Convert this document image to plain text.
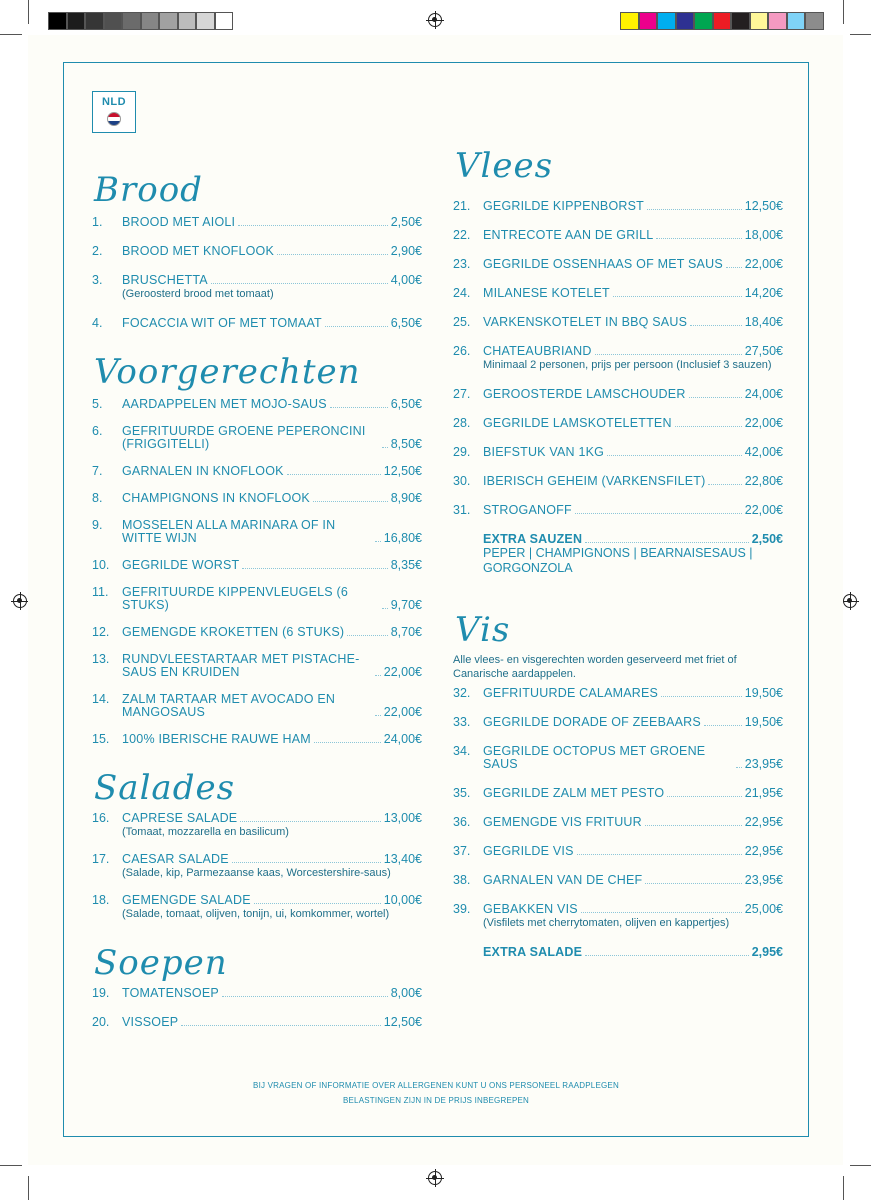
NLD
Brood
1.	BROOD MET AIOLI	2,50€
2.	BROOD MET KNOFLOOK	2,90€
3.	BRUSCHETTA	4,00€
(Geroosterd brood met tomaat)
4.	FOCACCIA WIT OF MET TOMAAT	6,50€
Voorgerechten
5.	AARDAPPELEN MET MOJO-SAUS	6,50€
6.	GEFRITUURDE GROENE PEPERONCINI (FRIGGITELLI)	8,50€
7.	GARNALEN IN KNOFLOOK	12,50€
8.	CHAMPIGNONS IN KNOFLOOK	8,90€
9.	MOSSELEN ALLA MARINARA OF IN WITTE WIJN	16,80€
10.	GEGRILDE WORST	8,35€
11.	GEFRITUURDE KIPPENVLEUGELS (6 STUKS)	9,70€
12.	GEMENGDE KROKETTEN (6 STUKS)	8,70€
13.	RUNDVLEESTARTAAR MET PISTACHE-SAUS EN KRUIDEN	22,00€
14.	ZALM TARTAAR MET AVOCADO EN MANGOSAUS	22,00€
15.	100% IBERISCHE RAUWE HAM	24,00€
Salades
16.	CAPRESE SALADE	13,00€
(Tomaat, mozzarella en basilicum)
17.	CAESAR SALADE	13,40€
(Salade, kip, Parmezaanse kaas, Worcestershire-saus)
18.	GEMENGDE SALADE	10,00€
(Salade, tomaat, olijven, tonijn, ui, komkommer, wortel)
Soepen
19.	TOMATENSOEP	8,00€
20.	VISSOEP	12,50€
Vlees
21.	GEGRILDE KIPPENBORST	12,50€
22.	ENTRECOTE AAN DE GRILL	18,00€
23.	GEGRILDE OSSENHAAS OF MET SAUS 22,00€
24.	MILANESE KOTELET	14,20€
25.	VARKENSKOTELET IN BBQ SAUS	18,40€
26.	CHATEAUBRIAND	27,50€
Minimaal 2 personen, prijs per persoon (Inclusief 3 sauzen)
27.	GEROOSTERDE LAMSCHOUDER	24,00€
28.	GEGRILDE LAMSKOTELETTEN	22,00€
29.	BIEFSTUK VAN 1KG	42,00€
30.	IBERISCH GEHEIM (VARKENSFILET)	22,80€
31.	STROGANOFF	22,00€
EXTRA SAUZEN	2,50€
PEPER | CHAMPIGNONS | BEARNAISESAUS | GORGONZOLA
Vis
Alle vlees- en visgerechten worden geserveerd met friet of Canarische aardappelen.
32.	GEFRITUURDE CALAMARES	19,50€
33.	GEGRILDE DORADE OF ZEEBAARS	19,50€
34.	GEGRILDE OCTOPUS MET GROENE SAUS	23,95€
35.	GEGRILDE ZALM MET PESTO	21,95€
36.	GEMENGDE VIS FRITUUR	22,95€
37.	GEGRILDE VIS	22,95€
38.	GARNALEN VAN DE CHEF	23,95€
39.	GEBAKKEN VIS	25,00€
(Visfilets met cherrytomaten, olijven en kappertjes)
EXTRA SALADE	2,95€
BIJ VRAGEN OF INFORMATIE OVER ALLERGENEN KUNT U ONS PERSONEEL RAADPLEGEN
BELASTINGEN ZIJN IN DE PRIJS INBEGREPEN
